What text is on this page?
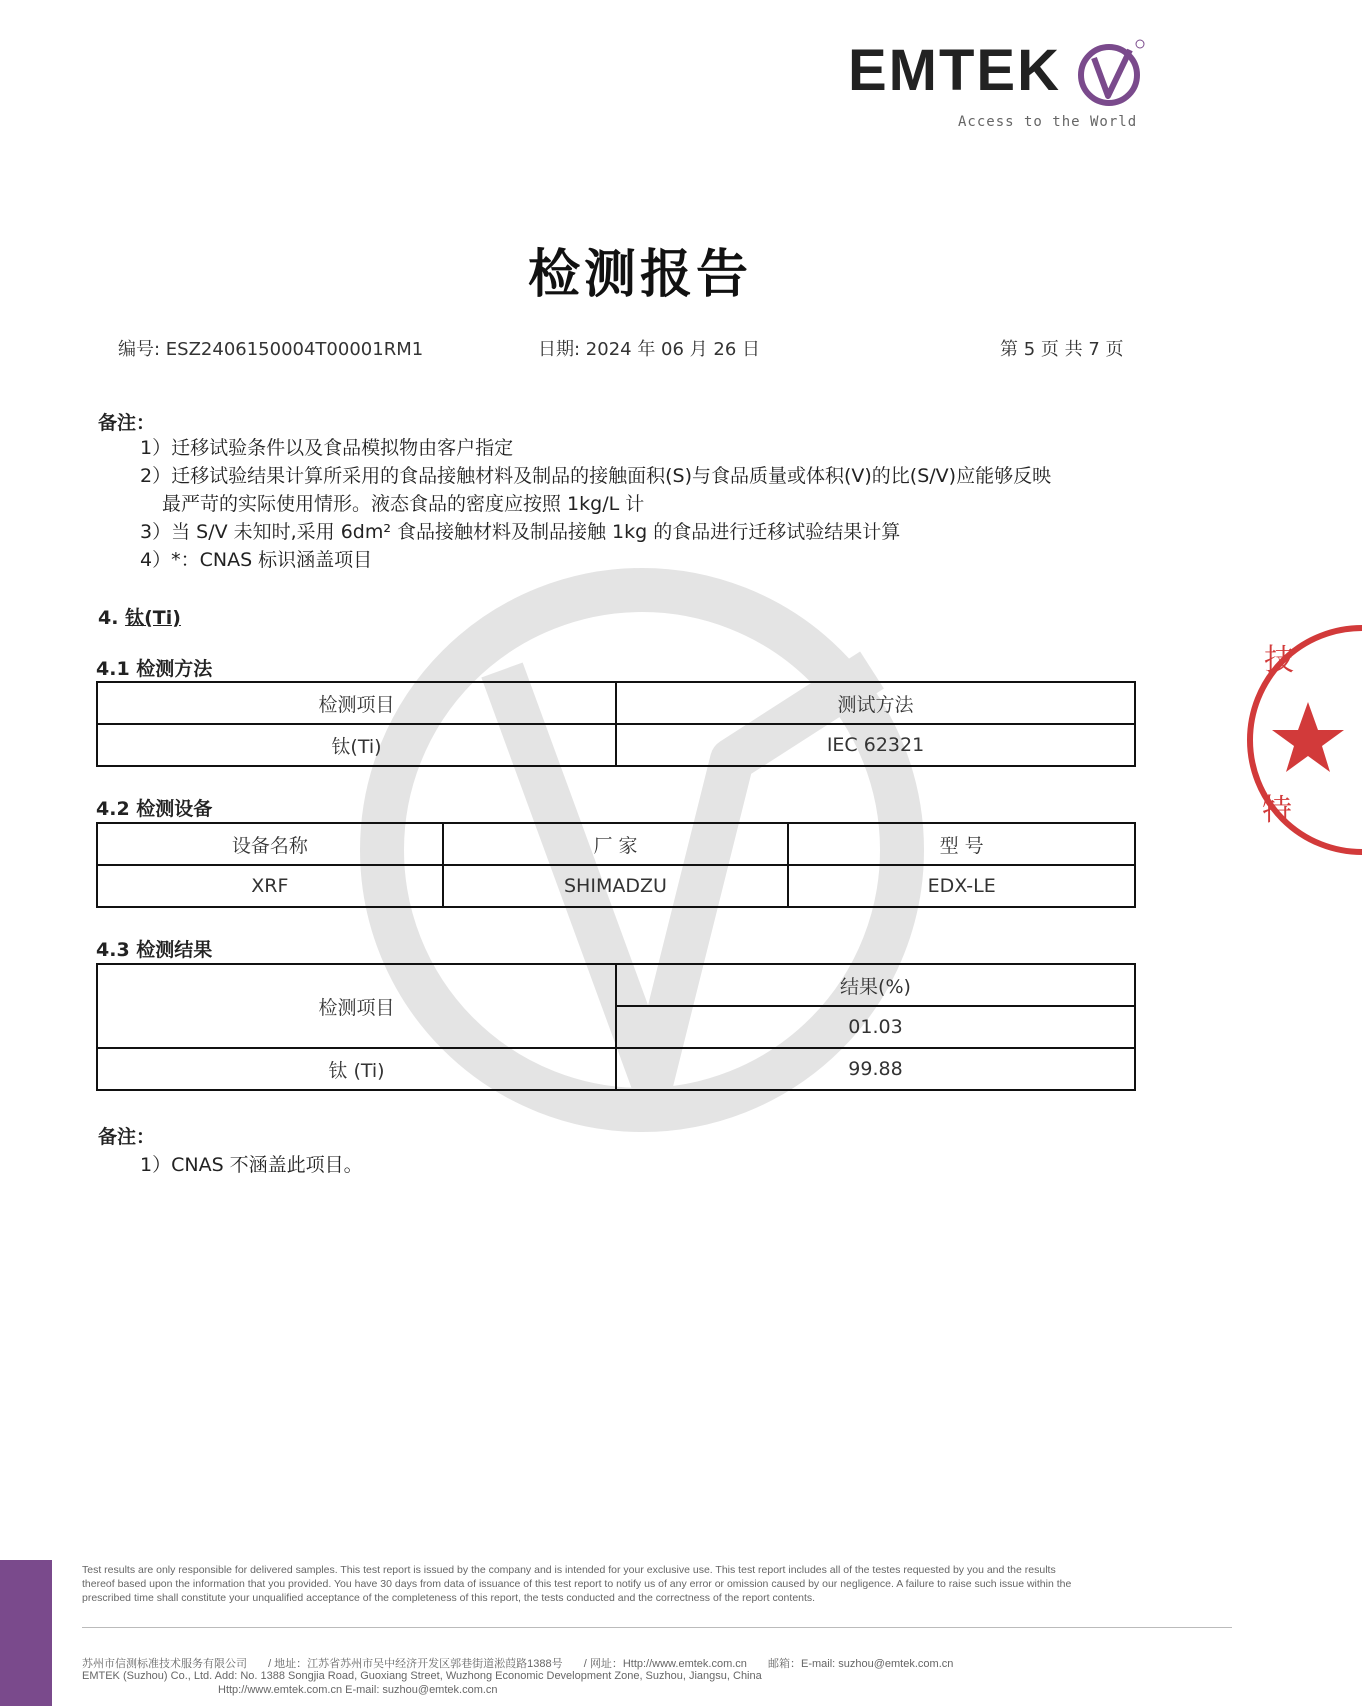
EMTEK
Access to the World
技
特
检测报告
编号: ESZ2406150004T00001RM1	日期: 2024 年 06 月 26 日	第 5 页 共 7 页
备注：
1）迁移试验条件以及食品模拟物由客户指定
2）迁移试验结果计算所采用的食品接触材料及制品的接触面积(S)与食品质量或体积(V)的比(S/V)应能够反映
最严苛的实际使用情形。液态食品的密度应按照 1kg/L 计
3）当 S/V 未知时,采用 6dm² 食品接触材料及制品接触 1kg 的食品进行迁移试验结果计算
4）*：CNAS 标识涵盖项目
4. 钛(Ti)
4.1 检测方法
检测项目	测试方法
钛(Ti)	IEC 62321
4.2 检测设备
设备名称	厂 家	型 号
XRF	SHIMADZU	EDX-LE
4.3 检测结果
检测项目	结果(%)
	01.03
钛 (Ti)	99.88
备注：
1）CNAS 不涵盖此项目。
Test results are only responsible for delivered samples. This test report is issued by the company and is intended for your exclusive use. This test report includes all of the testes requested by you and the results thereof based upon the information that you provided. You have 30 days from data of issuance of this test report to notify us of any error or omission caused by our negligence. A failure to raise such issue within the prescribed time shall constitute your unqualified acceptance of the completeness of this report, the tests conducted and the correctness of the report contents.
苏州市信测标准技术服务有限公司 / 地址：江苏省苏州市吴中经济开发区郭巷街道淞葭路1388号 / 网址：Http://www.emtek.com.cn 邮箱：E-mail: suzhou@emtek.com.cn
EMTEK (Suzhou) Co., Ltd. Add: No. 1388 Songjia Road, Guoxiang Street, Wuzhong Economic Development Zone, Suzhou, Jiangsu, China
Http://www.emtek.com.cn E-mail: suzhou@emtek.com.cn
